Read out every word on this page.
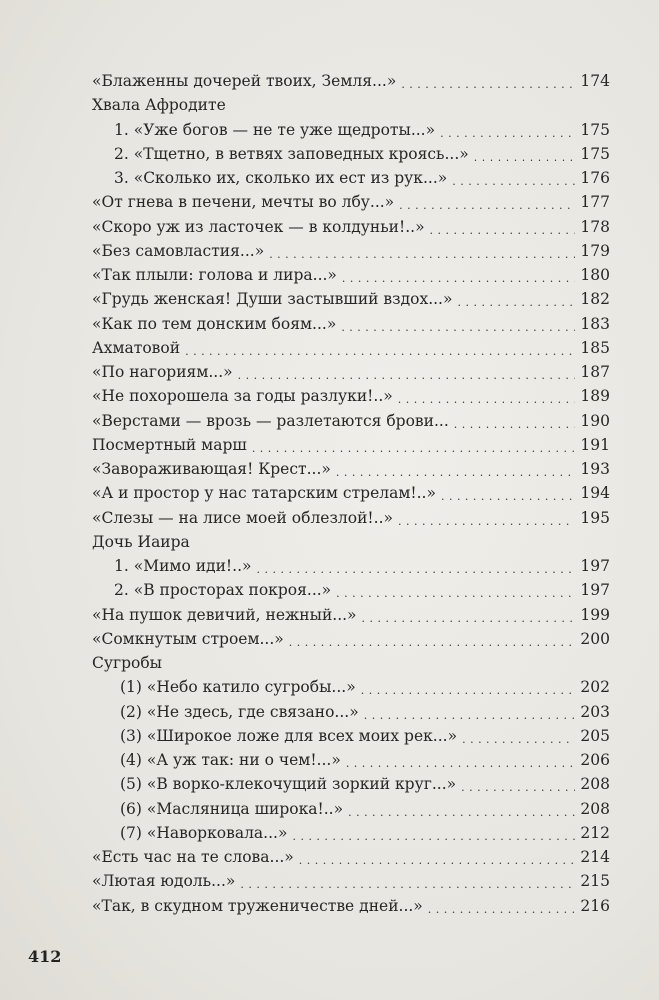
«Блаженны дочерей твоих, Земля...» . . .	174
Хвала Афродите
1. «Уже богов — не те уже щедроты...» . . .	175
2. «Тщетно, в ветвях заповедных кроясь...» . . .	175
3. «Сколько их, сколько их ест из рук...» . . .	176
«От гнева в печени, мечты во лбу...» . . .	177
«Скоро уж из ласточек — в колдуньи!..» . . .	178
«Без самовластия...» . . .	179
«Так плыли: голова и лира...» . . .	180
«Грудь женская! Души застывший вздох...» . . .	182
«Как по тем донским боям...» . . .	183
Ахматовой . . .	185
«По нагориям...» . . .	187
«Не похорошела за годы разлуки!..» . . .	189
«Верстами — врозь — разлетаются брови... . . .	190
Посмертный марш . . .	191
«Завораживающая! Крест...» . . .	193
«А и простор у нас татарским стрелам!..» . . .	194
«Слезы — на лисе моей облезлой!..» . . .	195
Дочь Иаира
1. «Мимо иди!..» . . .	197
2. «В просторах покроя...» . . .	197
«На пушок девичий, нежный...» . . .	199
«Сомкнутым строем...» . . .	200
Сугробы
(1) «Небо катило сугробы...» . . .	202
(2) «Не здесь, где связано...» . . .	203
(3) «Широкое ложе для всех моих рек...» . . .	205
(4) «А уж так: ни о чем!...» . . .	206
(5) «В ворко-клекочущий зоркий круг...» . . .	208
(6) «Масляница широка!..» . . .	208
(7) «Наворковала...» . . .	212
«Есть час на те слова...» . . .	214
«Лютая юдоль...» . . .	215
«Так, в скудном труженичестве дней...» . . .	216
412
